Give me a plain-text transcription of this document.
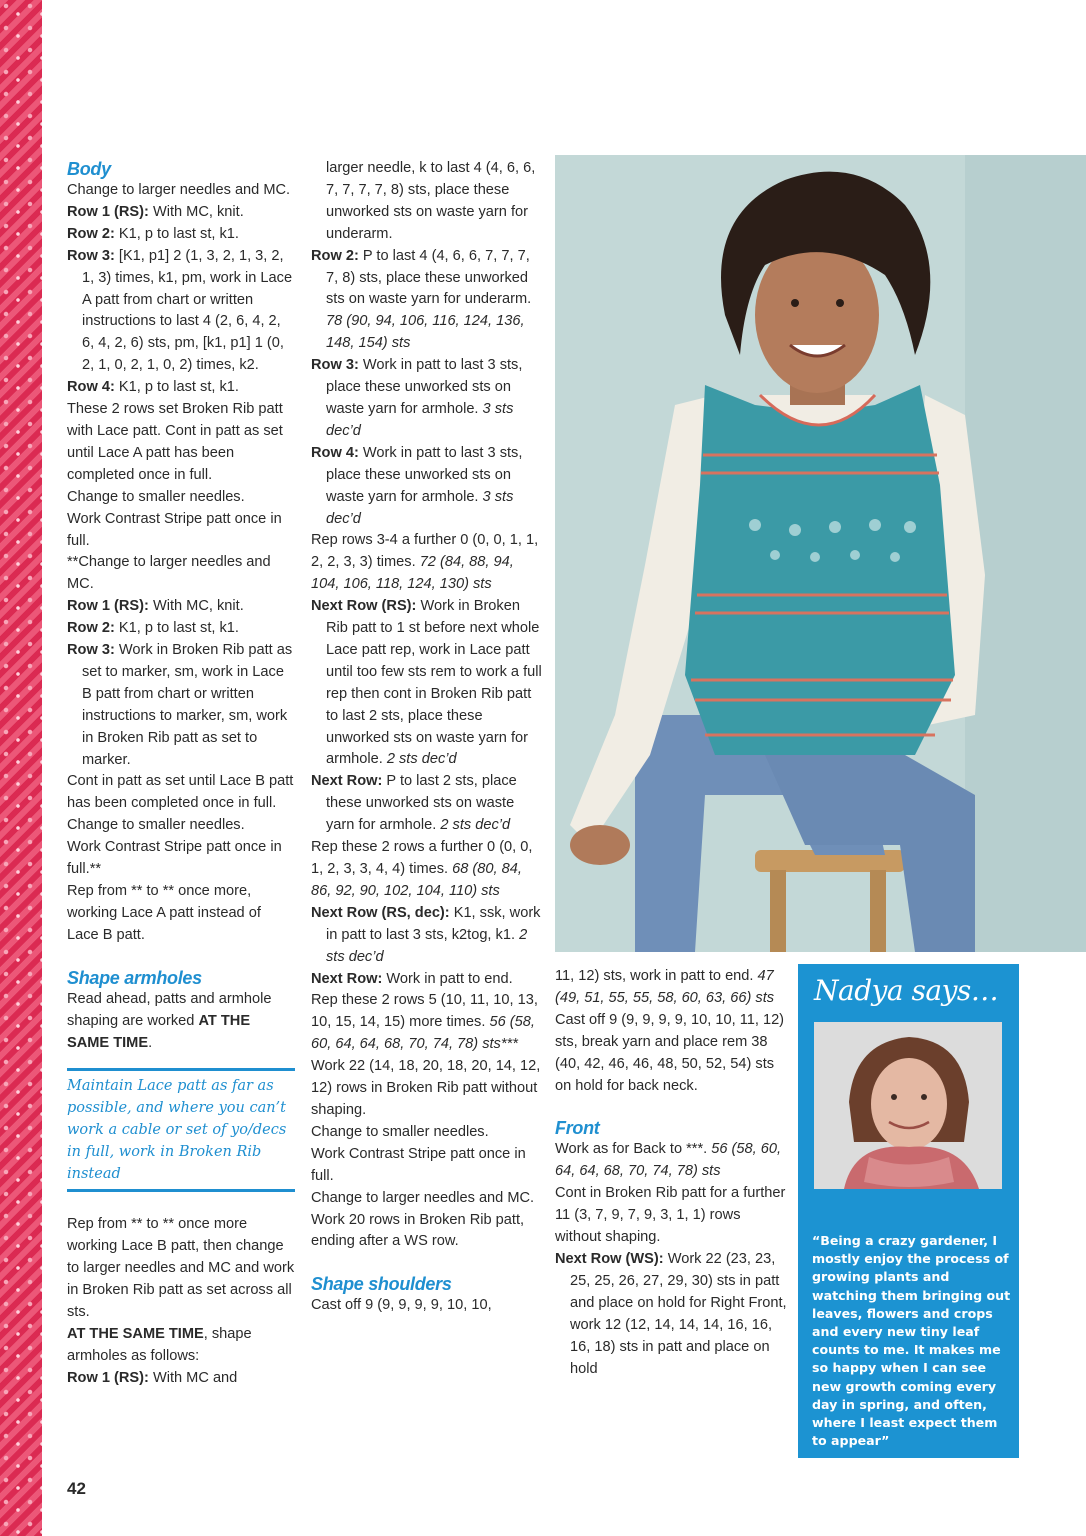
Body

Change to larger needles and MC.

Row 1 (RS): With MC, knit.

Row 2: K1, p to last st, k1.

Row 3: [K1, p1] 2 (1, 3, 2, 1, 3, 2, 1, 3) times, k1, pm, work in Lace A patt from chart or written instructions to last 4 (2, 6, 4, 2, 6, 4, 2, 6) sts, pm, [k1, p1] 1 (0, 2, 1, 0, 2, 1, 0, 2) times, k2.

Row 4: K1, p to last st, k1.

These 2 rows set Broken Rib patt with Lace patt. Cont in patt as set until Lace A patt has been completed once in full.

Change to smaller needles.

Work Contrast Stripe patt once in full.

**Change to larger needles and MC.

Row 1 (RS): With MC, knit.

Row 2: K1, p to last st, k1.

Row 3: Work in Broken Rib patt as set to marker, sm, work in Lace B patt from chart or written instructions to marker, sm, work in Broken Rib patt as set to marker.

Cont in patt as set until Lace B patt has been completed once in full.

Change to smaller needles.

Work Contrast Stripe patt once in full.**

Rep from ** to ** once more, working Lace A patt instead of Lace B patt.

Shape armholes

Read ahead, patts and armhole shaping are worked AT THE SAME TIME.

Maintain Lace patt as far as possible, and where you can’t work a cable or set of yo/decs in full, work in Broken Rib instead

Rep from ** to ** once more working Lace B patt, then change to larger needles and MC and work in Broken Rib patt as set across all sts.

AT THE SAME TIME, shape armholes as follows:

Row 1 (RS): With MC and

larger needle, k to last 4 (4, 6, 6, 7, 7, 7, 7, 8) sts, place these unworked sts on waste yarn for underarm.

Row 2: P to last 4 (4, 6, 6, 7, 7, 7, 7, 8) sts, place these unworked sts on waste yarn for underarm. 78 (90, 94, 106, 116, 124, 136, 148, 154) sts

Row 3: Work in patt to last 3 sts, place these unworked sts on waste yarn for armhole. 3 sts dec’d

Row 4: Work in patt to last 3 sts, place these unworked sts on waste yarn for armhole. 3 sts dec’d

Rep rows 3-4 a further 0 (0, 0, 1, 1, 2, 2, 3, 3) times. 72 (84, 88, 94, 104, 106, 118, 124, 130) sts

Next Row (RS): Work in Broken Rib patt to 1 st before next whole Lace patt rep, work in Lace patt until too few sts rem to work a full rep then cont in Broken Rib patt to last 2 sts, place these unworked sts on waste yarn for armhole. 2 sts dec’d

Next Row: P to last 2 sts, place these unworked sts on waste yarn for armhole. 2 sts dec’d

Rep these 2 rows a further 0 (0, 0, 1, 2, 3, 3, 4, 4) times. 68 (80, 84, 86, 92, 90, 102, 104, 110) sts

Next Row (RS, dec): K1, ssk, work in patt to last 3 sts, k2tog, k1. 2 sts dec’d

Next Row: Work in patt to end.

Rep these 2 rows 5 (10, 11, 10, 13, 10, 15, 14, 15) more times. 56 (58, 60, 64, 64, 68, 70, 74, 78) sts***

Work 22 (14, 18, 20, 18, 20, 14, 12, 12) rows in Broken Rib patt without shaping.

Change to smaller needles.

Work Contrast Stripe patt once in full.

Change to larger needles and MC.

Work 20 rows in Broken Rib patt, ending after a WS row.

Shape shoulders

Cast off 9 (9, 9, 9, 9, 10, 10,

11, 12) sts, work in patt to end. 47 (49, 51, 55, 55, 58, 60, 63, 66) sts

Cast off 9 (9, 9, 9, 9, 10, 10, 11, 12) sts, break yarn and place rem 38 (40, 42, 46, 46, 48, 50, 52, 54) sts on hold for back neck.

Front

Work as for Back to ***. 56 (58, 60, 64, 64, 68, 70, 74, 78) sts

Cont in Broken Rib patt for a further 11 (3, 7, 9, 7, 9, 3, 1, 1) rows without shaping.

Next Row (WS): Work 22 (23, 23, 25, 25, 26, 27, 29, 30) sts in patt and place on hold for Right Front, work 12 (12, 14, 14, 14, 16, 16, 16, 18) sts in patt and place on hold

Nadya says…
“Being a crazy gardener, I mostly enjoy the process of growing plants and watching them bringing out leaves, flowers and crops and every new tiny leaf counts to me. It makes me so happy when I can see new growth coming every day in spring, and often, where I least expect them to appear”
42
